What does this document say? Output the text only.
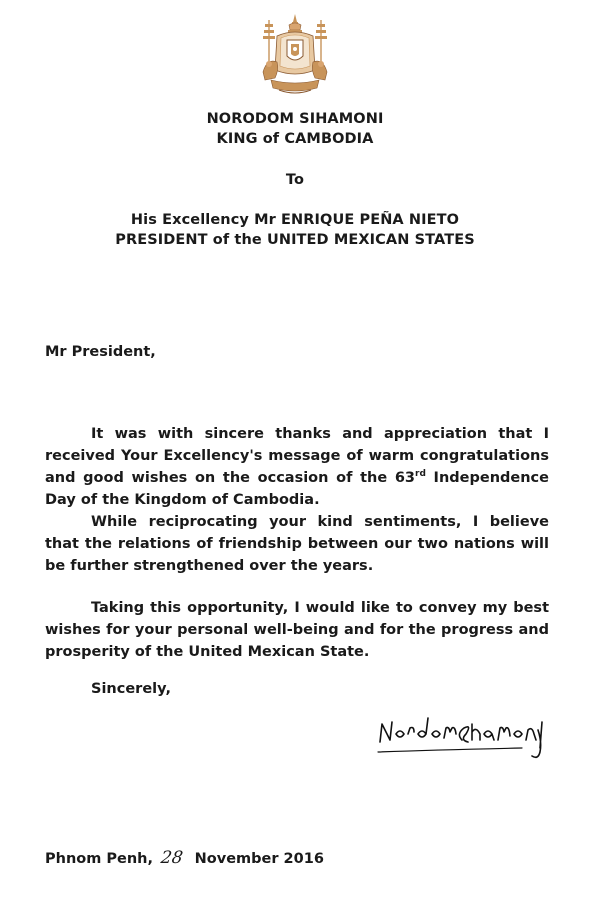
NORODOM SIHAMONI
KING of CAMBODIA
To
His Excellency Mr ENRIQUE PEÑA NIETO
PRESIDENT of the UNITED MEXICAN STATES
Mr President,
It was with sincere thanks and appreciation that I received Your Excellency's message of warm congratulations and good wishes on the occasion of the 63rd Independence Day of the Kingdom of Cambodia.
While reciprocating your kind sentiments, I believe that the relations of friendship between our two nations will be further strengthened over the years.
Taking this opportunity, I would like to convey my best wishes for your personal well-being and for the progress and prosperity of the United Mexican State.
Sincerely,
Phnom Penh, 28 November 2016
